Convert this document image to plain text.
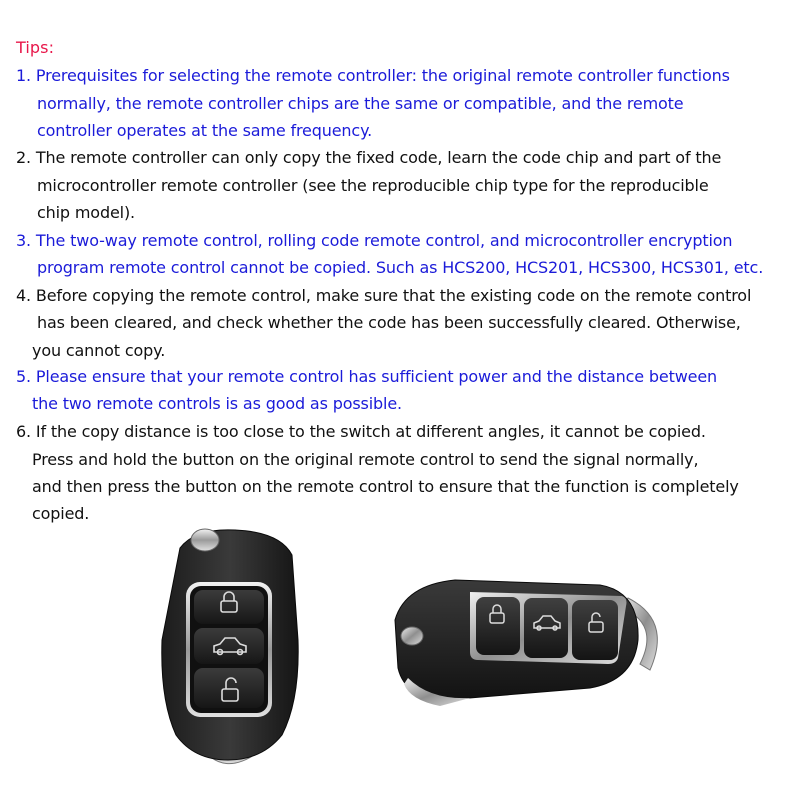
Tips:
1. Prerequisites for selecting the remote controller: the original remote controller functions
normally, the remote controller chips are the same or compatible, and the remote
controller operates at the same frequency.
2. The remote controller can only copy the fixed code, learn the code chip and part of the
microcontroller remote controller (see the reproducible chip type for the reproducible
chip model).
3. The two-way remote control, rolling code remote control, and microcontroller encryption
program remote control cannot be copied. Such as HCS200, HCS201, HCS300, HCS301, etc.
4. Before copying the remote control, make sure that the existing code on the remote control
has been cleared, and check whether the code has been successfully cleared. Otherwise,
you cannot copy.
5. Please ensure that your remote control has sufficient power and the distance between
the two remote controls is as good as possible.
6. If the copy distance is too close to the switch at different angles, it cannot be copied.
Press and hold the button on the original remote control to send the signal normally,
and then press the button on the remote control to ensure that the function is completely
copied.
